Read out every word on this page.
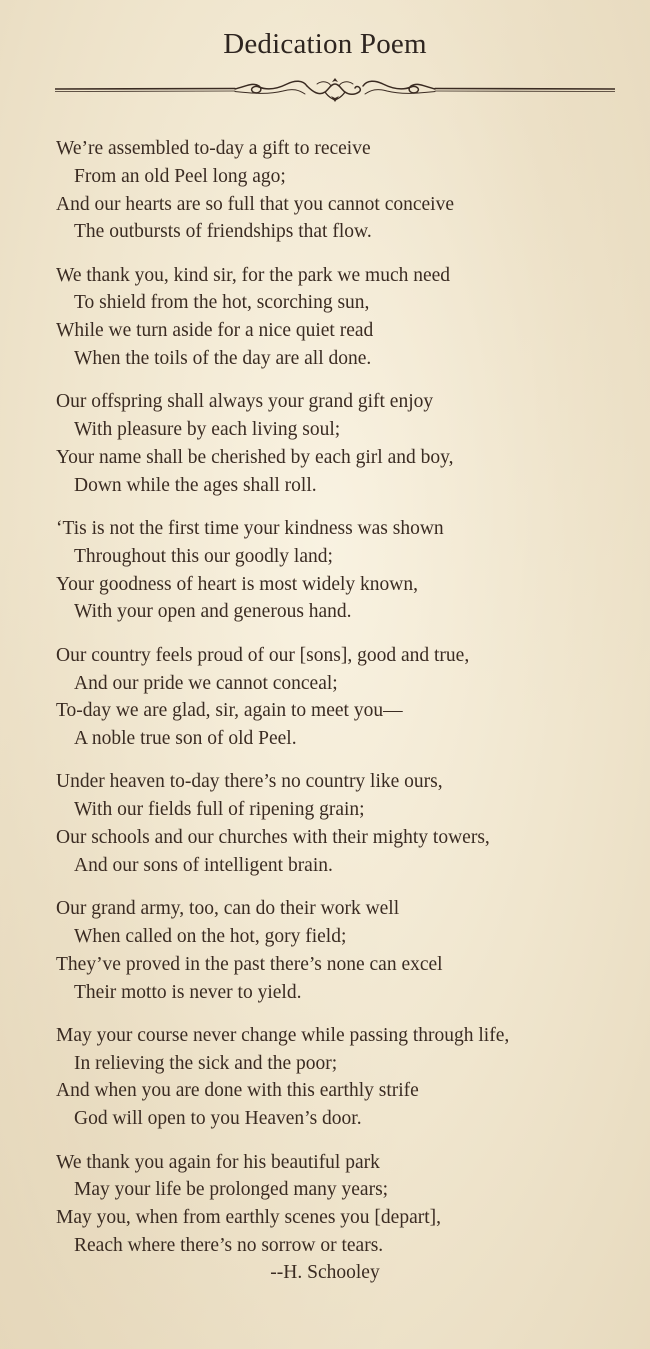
Dedication Poem
We’re assembled to-day a gift to receive
From an old Peel long ago;
And our hearts are so full that you cannot conceive
The outbursts of friendships that flow.
We thank you, kind sir, for the park we much need
To shield from the hot, scorching sun,
While we turn aside for a nice quiet read
When the toils of the day are all done.
Our offspring shall always your grand gift enjoy
With pleasure by each living soul;
Your name shall be cherished by each girl and boy,
Down while the ages shall roll.
‘Tis is not the first time your kindness was shown
Throughout this our goodly land;
Your goodness of heart is most widely known,
With your open and generous hand.
Our country feels proud of our [sons], good and true,
And our pride we cannot conceal;
To-day we are glad, sir, again to meet you—
A noble true son of old Peel.
Under heaven to-day there’s no country like ours,
With our fields full of ripening grain;
Our schools and our churches with their mighty towers,
And our sons of intelligent brain.
Our grand army, too, can do their work well
When called on the hot, gory field;
They’ve proved in the past there’s none can excel
Their motto is never to yield.
May your course never change while passing through life,
In relieving the sick and the poor;
And when you are done with this earthly strife
God will open to you Heaven’s door.
We thank you again for his beautiful park
May your life be prolonged many years;
May you, when from earthly scenes you [depart],
Reach where there’s no sorrow or tears.
--H. Schooley
